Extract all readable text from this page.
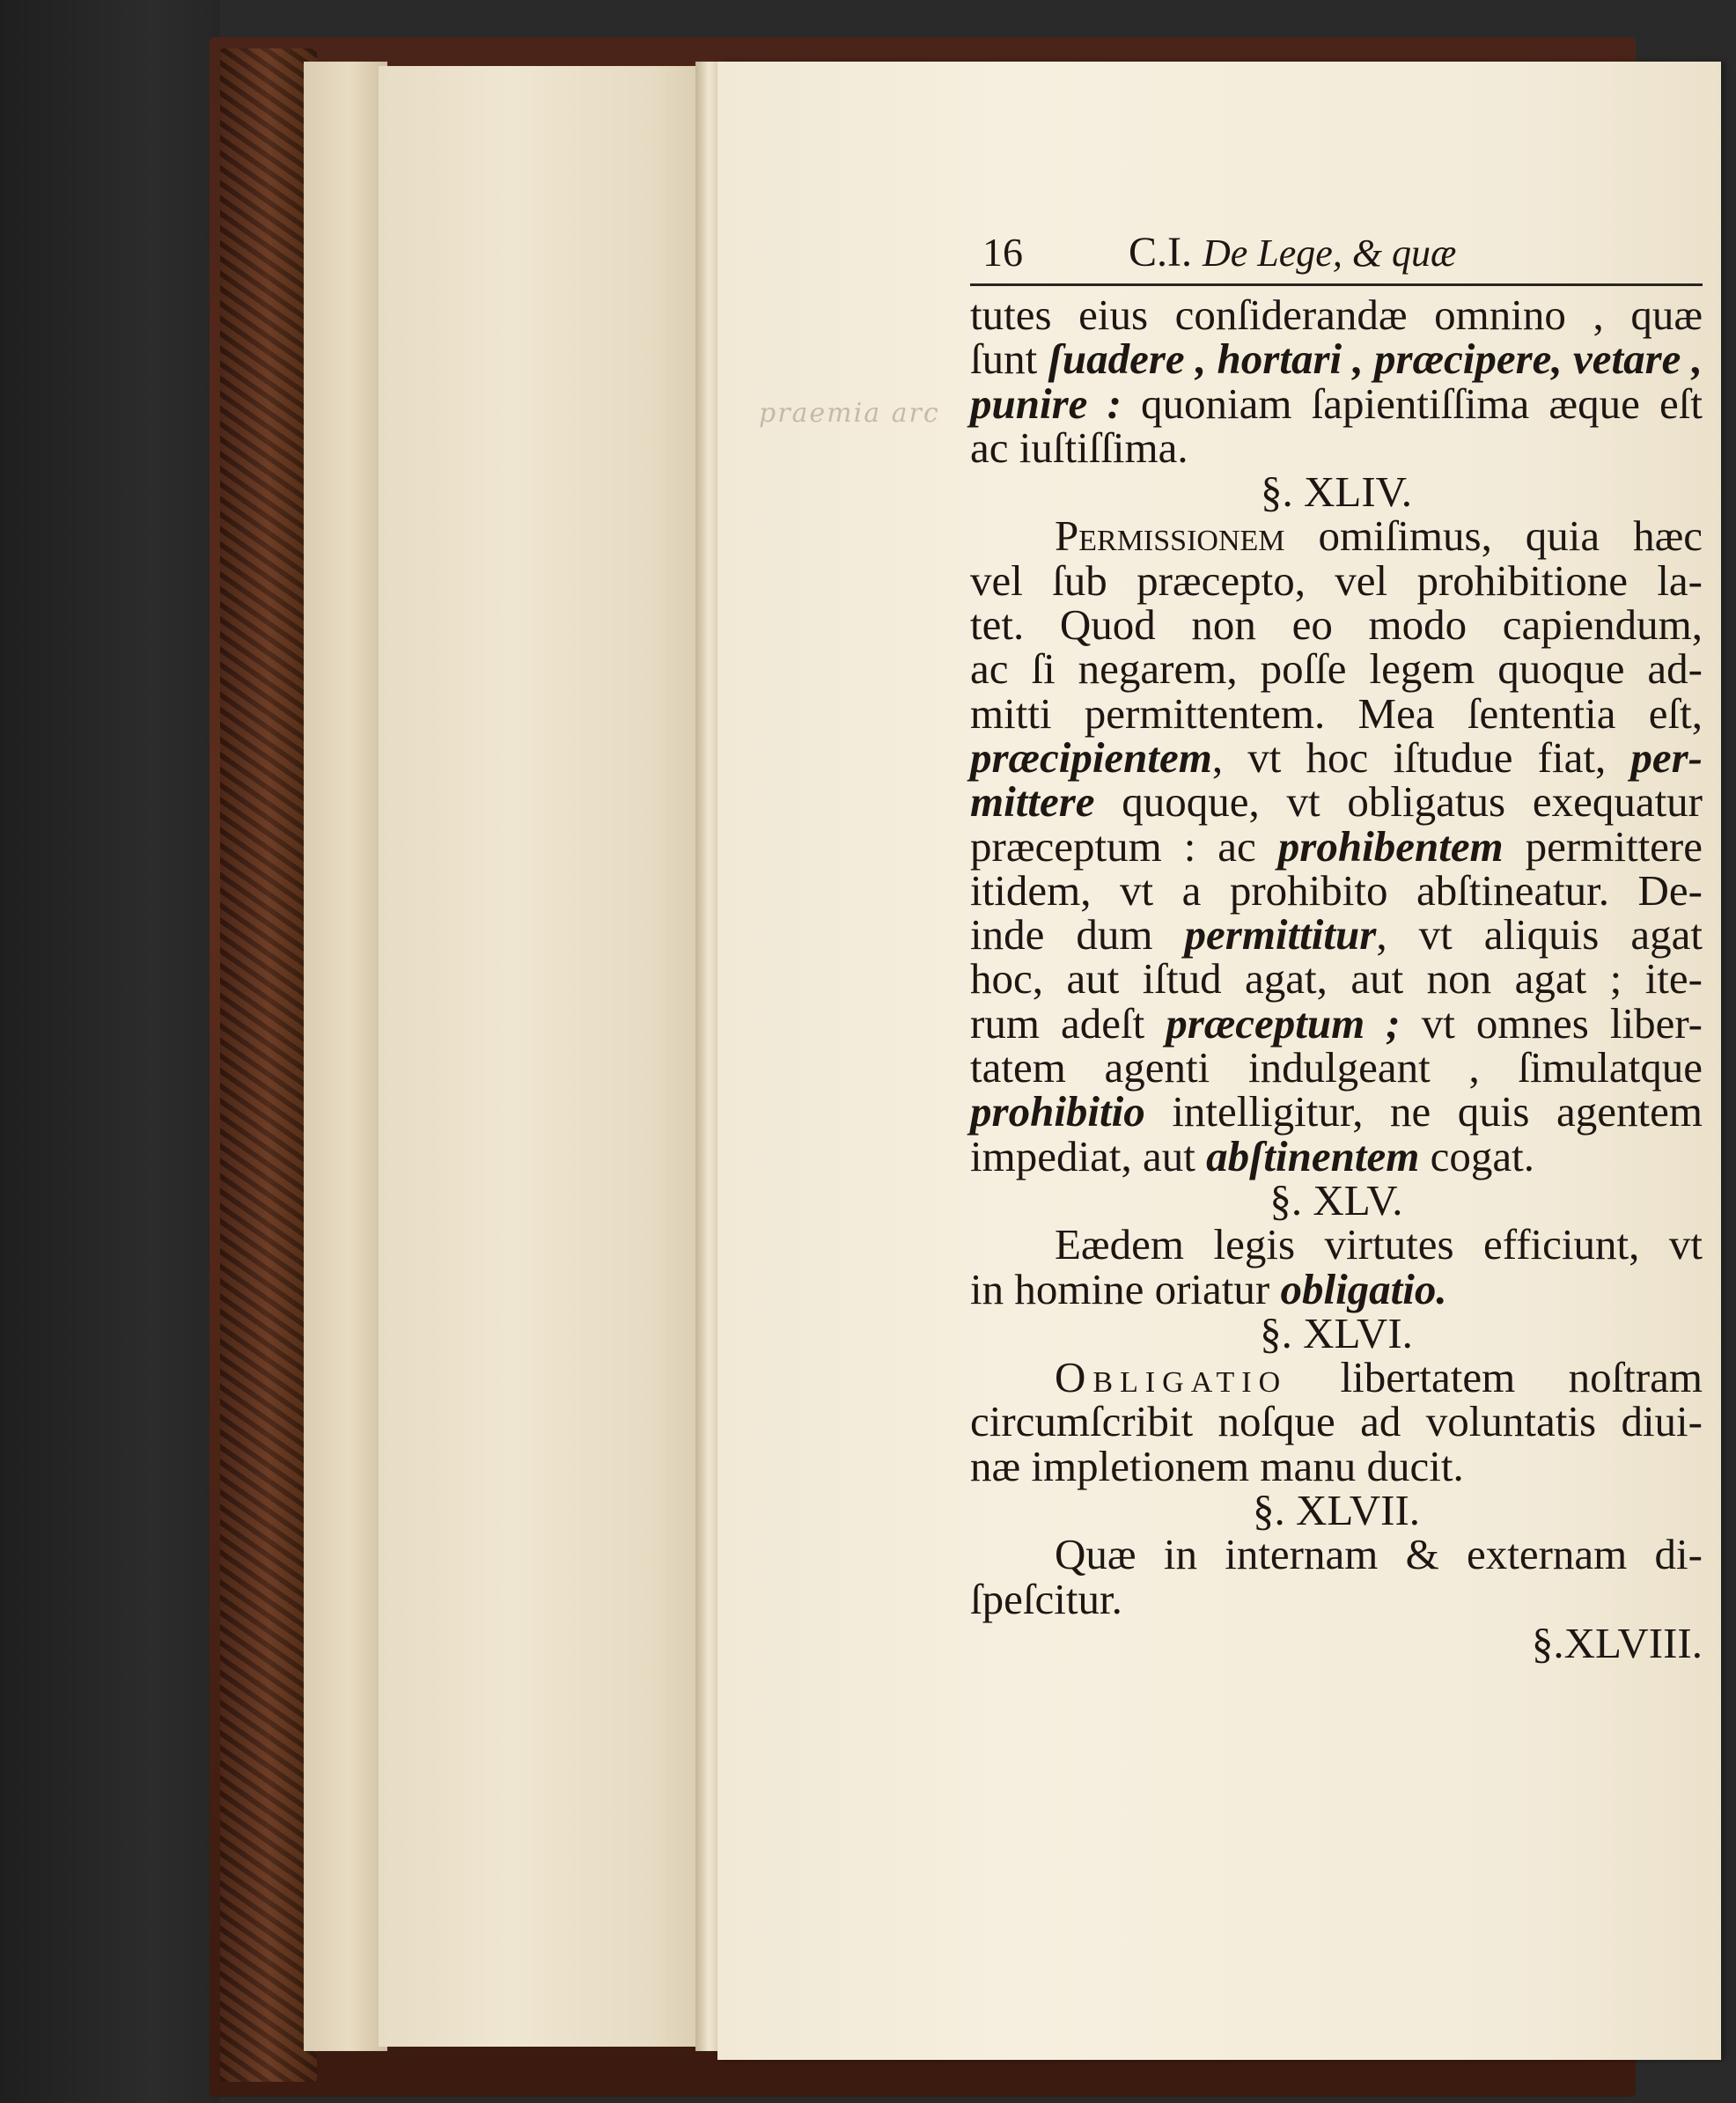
praemia arc
16	C.I. De Lege, & quæ
tutes eius conſiderandæ omnino , quæ
ſunt ſuadere , hortari , præcipere, vetare ,
punire : quoniam ſapientiſſima æque eſt
ac iuſtiſſima.
§. XLIV.
Permissionem omiſimus, quia hæc
vel ſub præcepto, vel prohibitione la-
tet. Quod non eo modo capiendum,
ac ſi negarem, poſſe legem quoque ad-
mitti permittentem. Mea ſententia eſt,
præcipientem, vt hoc iſtudue fiat, per-
mittere quoque, vt obligatus exequatur
præceptum : ac prohibentem permittere
itidem, vt a prohibito abſtineatur. De-
inde dum permittitur, vt aliquis agat
hoc, aut iſtud agat, aut non agat ; ite-
rum adeſt præceptum ; vt omnes liber-
tatem agenti indulgeant , ſimulatque
prohibitio intelligitur, ne quis agentem
impediat, aut abſtinentem cogat.
§. XLV.
Eædem legis virtutes efficiunt, vt
in homine oriatur obligatio.
§. XLVI.
Obligatio libertatem noſtram
circumſcribit noſque ad voluntatis diui-
næ impletionem manu ducit.
§. XLVII.
Quæ in internam & externam di-
ſpeſcitur.
§.XLVIII.
